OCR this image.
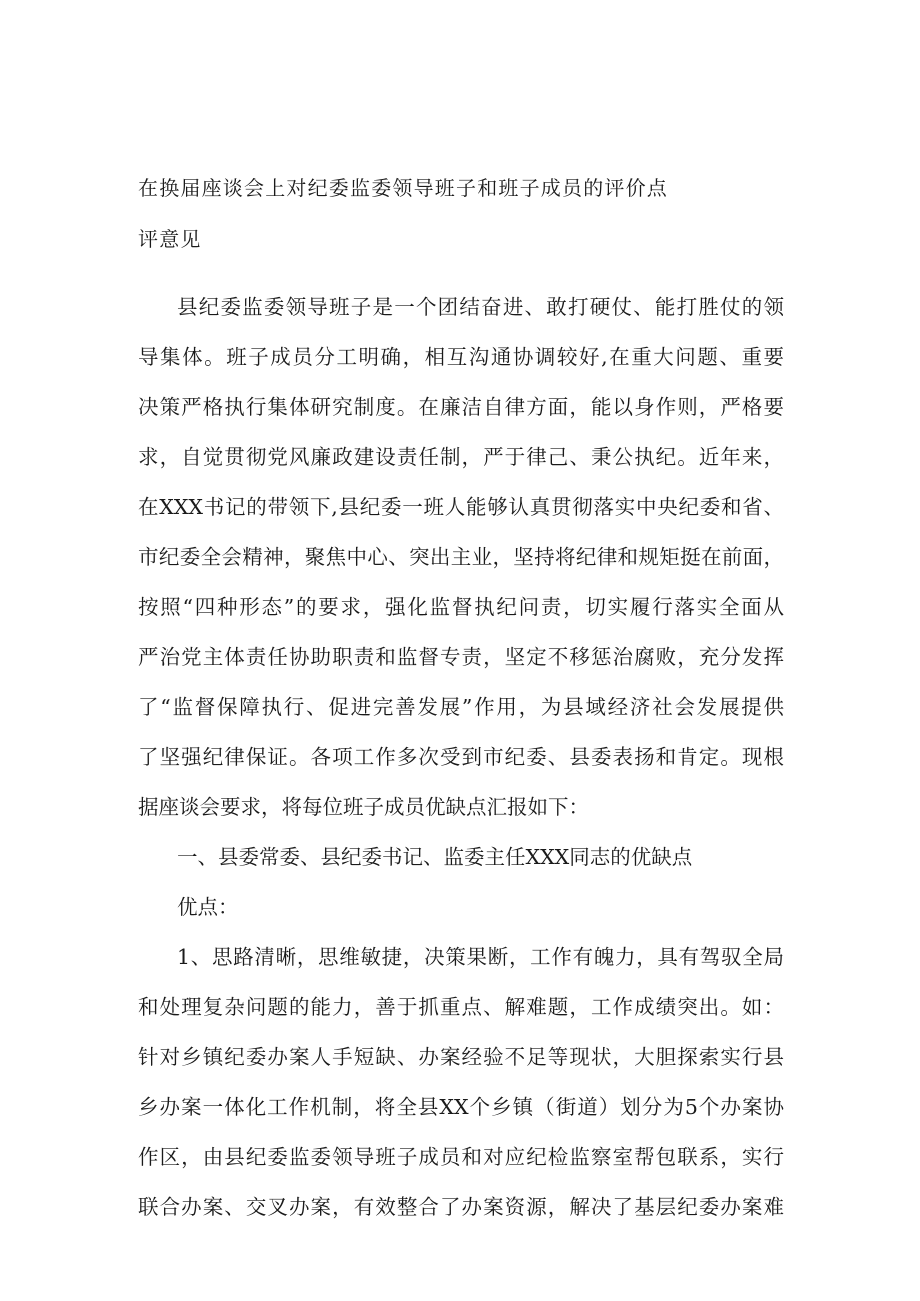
在换届座谈会上对纪委监委领导班子和班子成员的评价点
评意见
县纪委监委领导班子是一个团结奋进、敢打硬仗、能打胜仗的领
导集体。班子成员分工明确，相互沟通协调较好,在重大问题、重要
决策严格执行集体研究制度。在廉洁自律方面，能以身作则，严格要
求，自觉贯彻党风廉政建设责任制，严于律己、秉公执纪。近年来，
在XXX书记的带领下,县纪委一班人能够认真贯彻落实中央纪委和省、
市纪委全会精神，聚焦中心、突出主业，坚持将纪律和规矩挺在前面，
按照“四种形态”的要求，强化监督执纪问责，切实履行落实全面从
严治党主体责任协助职责和监督专责，坚定不移惩治腐败，充分发挥
了“监督保障执行、促进完善发展”作用，为县域经济社会发展提供
了坚强纪律保证。各项工作多次受到市纪委、县委表扬和肯定。现根
据座谈会要求，将每位班子成员优缺点汇报如下：
一、县委常委、县纪委书记、监委主任XXX同志的优缺点
优点：
1、思路清晰，思维敏捷，决策果断，工作有魄力，具有驾驭全局
和处理复杂问题的能力，善于抓重点、解难题，工作成绩突出。如：
针对乡镇纪委办案人手短缺、办案经验不足等现状，大胆探索实行县
乡办案一体化工作机制，将全县XX个乡镇（街道）划分为5个办案协
作区，由县纪委监委领导班子成员和对应纪检监察室帮包联系，实行
联合办案、交叉办案，有效整合了办案资源，解决了基层纪委办案难
